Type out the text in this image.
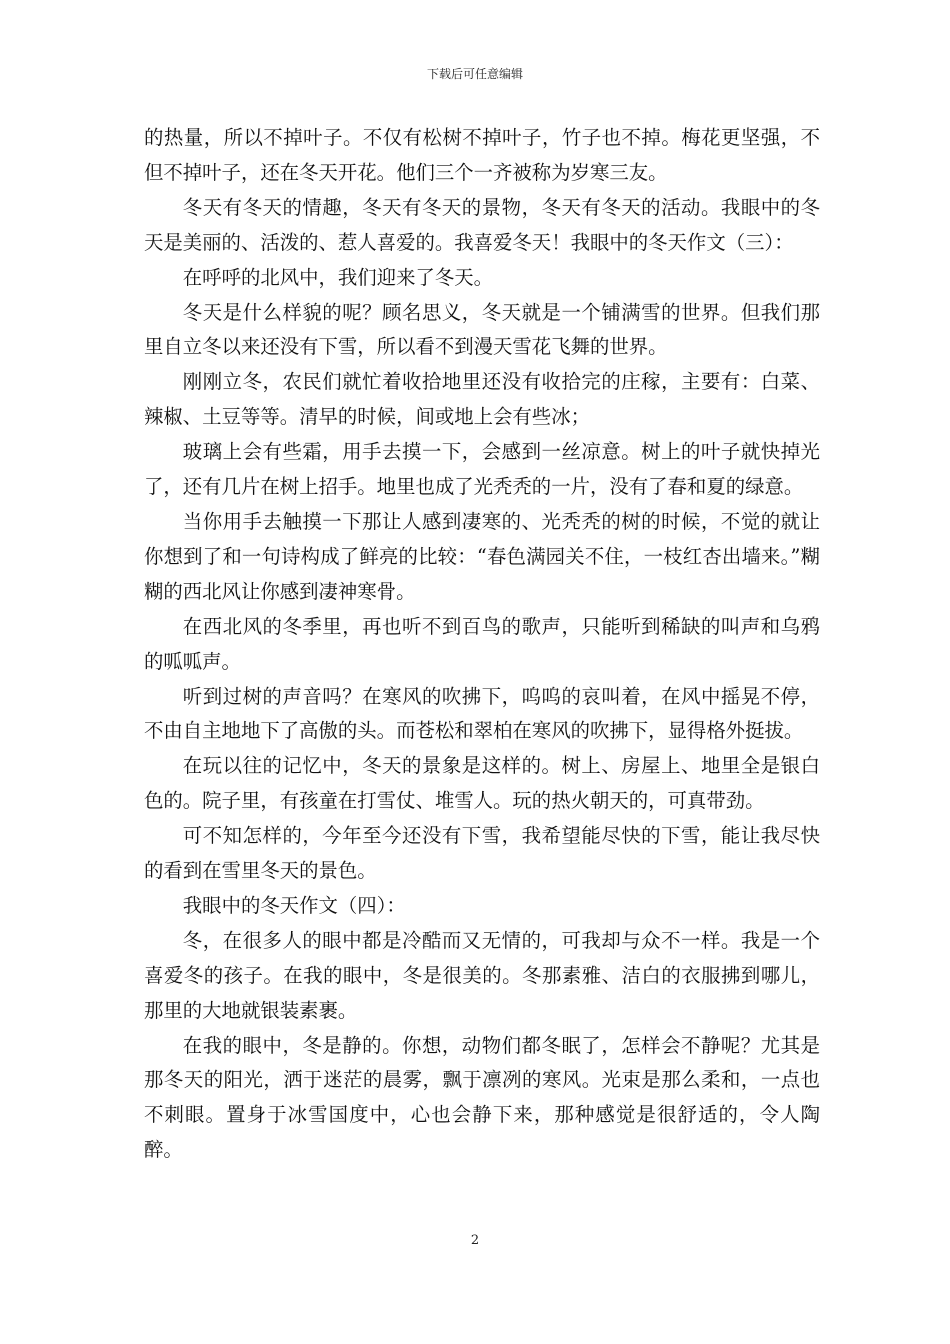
下载后可任意编辑

的热量，所以不掉叶子。不仅有松树不掉叶子，竹子也不掉。梅花更坚强，不但不掉叶子，还在冬天开花。他们三个一齐被称为岁寒三友。

冬天有冬天的情趣，冬天有冬天的景物，冬天有冬天的活动。我眼中的冬天是美丽的、活泼的、惹人喜爱的。我喜爱冬天！我眼中的冬天作文（三）：

在呼呼的北风中，我们迎来了冬天。

冬天是什么样貌的呢？顾名思义，冬天就是一个铺满雪的世界。但我们那里自立冬以来还没有下雪，所以看不到漫天雪花飞舞的世界。

刚刚立冬，农民们就忙着收拾地里还没有收拾完的庄稼，主要有：白菜、辣椒、土豆等等。清早的时候，间或地上会有些冰；

玻璃上会有些霜，用手去摸一下，会感到一丝凉意。树上的叶子就快掉光了，还有几片在树上招手。地里也成了光秃秃的一片，没有了春和夏的绿意。

当你用手去触摸一下那让人感到凄寒的、光秃秃的树的时候，不觉的就让你想到了和一句诗构成了鲜亮的比较：“春色满园关不住，一枝红杏出墙来。”糊糊的西北风让你感到凄神寒骨。

在西北风的冬季里，再也听不到百鸟的歌声，只能听到稀缺的叫声和乌鸦的呱呱声。

听到过树的声音吗？在寒风的吹拂下，呜呜的哀叫着，在风中摇晃不停，不由自主地地下了高傲的头。而苍松和翠柏在寒风的吹拂下，显得格外挺拔。

在玩以往的记忆中，冬天的景象是这样的。树上、房屋上、地里全是银白色的。院子里，有孩童在打雪仗、堆雪人。玩的热火朝天的，可真带劲。

可不知怎样的，今年至今还没有下雪，我希望能尽快的下雪，能让我尽快的看到在雪里冬天的景色。

我眼中的冬天作文（四）：

冬，在很多人的眼中都是冷酷而又无情的，可我却与众不一样。我是一个喜爱冬的孩子。在我的眼中，冬是很美的。冬那素雅、洁白的衣服拂到哪儿，那里的大地就银装素裹。

在我的眼中，冬是静的。你想，动物们都冬眠了，怎样会不静呢？尤其是那冬天的阳光，洒于迷茫的晨雾，飘于凛冽的寒风。光束是那么柔和，一点也不刺眼。置身于冰雪国度中，心也会静下来，那种感觉是很舒适的，令人陶醉。

2
